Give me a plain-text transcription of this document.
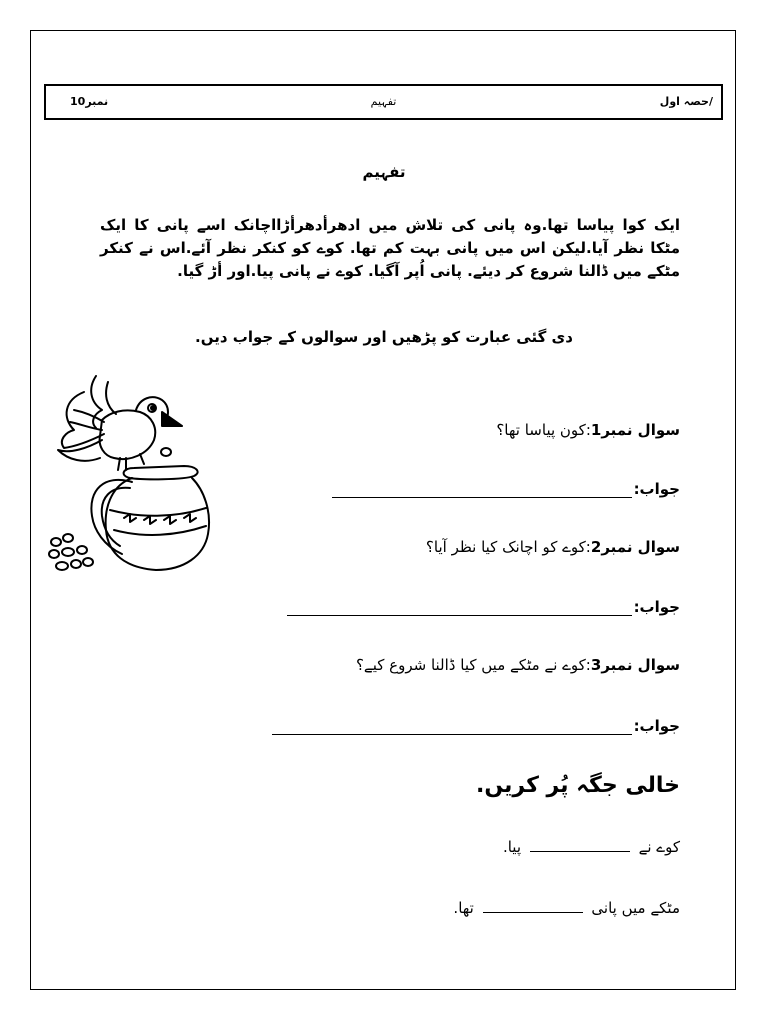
/حصہ اول
تفہیم
نمبر10
تفہیم
ایک کوا پیاسا تھا.وہ پانی کی تلاش میں ادھرأدھرأڑااچانک اسے پانی کا ایک مٹکا نظر آیا.لیکن اس میں پانی بہت کم تھا. کوے کو کنکر نظر آئے.اس نے کنکر مٹکے میں ڈالنا شروع کر دیئے. پانی اُپر آگیا. کوے نے پانی پیا.اور أڑ گیا.
دی گئی عبارت کو پڑھیں اور سوالوں کے جواب دیں.
سوال نمبر1:کون پیاسا تھا؟
جواب:
سوال نمبر2:کوے کو اچانک کیا نظر آیا؟
جواب:
سوال نمبر3:کوے نے مٹکے میں کیا ڈالنا شروع کیے؟
جواب:
خالی جگہ پُر کریں.
کوے نے  پیا.
مٹکے میں پانی  تھا.
